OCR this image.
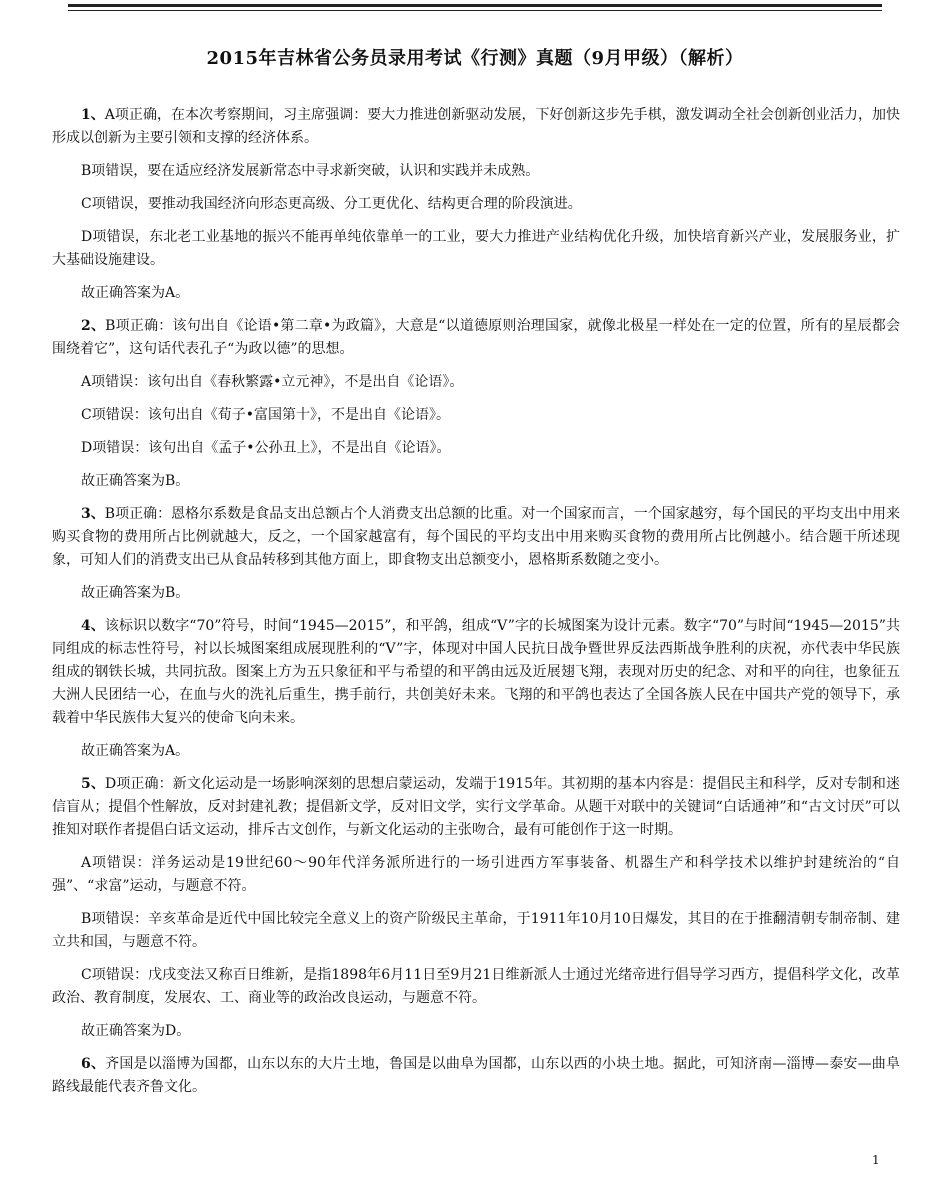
2015年吉林省公务员录用考试《行测》真题（9月甲级）（解析）

1、A项正确，在本次考察期间，习主席强调：要大力推进创新驱动发展，下好创新这步先手棋，激发调动全社会创新创业活力，加快形成以创新为主要引领和支撑的经济体系。

B项错误，要在适应经济发展新常态中寻求新突破，认识和实践并未成熟。

C项错误，要推动我国经济向形态更高级、分工更优化、结构更合理的阶段演进。

D项错误，东北老工业基地的振兴不能再单纯依靠单一的工业，要大力推进产业结构优化升级，加快培育新兴产业，发展服务业，扩大基础设施建设。

故正确答案为A。

2、B项正确：该句出自《论语•第二章•为政篇》，大意是“以道德原则治理国家，就像北极星一样处在一定的位置，所有的星辰都会围绕着它”，这句话代表孔子“为政以德”的思想。

A项错误：该句出自《春秋繁露•立元神》，不是出自《论语》。

C项错误：该句出自《荀子•富国第十》，不是出自《论语》。

D项错误：该句出自《孟子•公孙丑上》，不是出自《论语》。

故正确答案为B。

3、B项正确：恩格尔系数是食品支出总额占个人消费支出总额的比重。对一个国家而言，一个国家越穷，每个国民的平均支出中用来购买食物的费用所占比例就越大，反之，一个国家越富有，每个国民的平均支出中用来购买食物的费用所占比例越小。结合题干所述现象，可知人们的消费支出已从食品转移到其他方面上，即食物支出总额变小，恩格斯系数随之变小。

故正确答案为B。

4、该标识以数字“70”符号，时间“1945—2015”，和平鸽，组成“V”字的长城图案为设计元素。数字“70”与时间“1945—2015”共同组成的标志性符号，衬以长城图案组成展现胜利的“V”字，体现对中国人民抗日战争暨世界反法西斯战争胜利的庆祝，亦代表中华民族组成的钢铁长城，共同抗敌。图案上方为五只象征和平与希望的和平鸽由远及近展翅飞翔，表现对历史的纪念、对和平的向往，也象征五大洲人民团结一心，在血与火的洗礼后重生，携手前行，共创美好未来。飞翔的和平鸽也表达了全国各族人民在中国共产党的领导下，承载着中华民族伟大复兴的使命飞向未来。

故正确答案为A。

5、D项正确：新文化运动是一场影响深刻的思想启蒙运动，发端于1915年。其初期的基本内容是：提倡民主和科学，反对专制和迷信盲从；提倡个性解放，反对封建礼教；提倡新文学，反对旧文学，实行文学革命。从题干对联中的关键词“白话通神”和“古文讨厌”可以推知对联作者提倡白话文运动，排斥古文创作，与新文化运动的主张吻合，最有可能创作于这一时期。

A项错误：洋务运动是19世纪60～90年代洋务派所进行的一场引进西方军事装备、机器生产和科学技术以维护封建统治的“自强”、“求富”运动，与题意不符。

B项错误：辛亥革命是近代中国比较完全意义上的资产阶级民主革命，于1911年10月10日爆发，其目的在于推翻清朝专制帝制、建立共和国，与题意不符。

C项错误：戊戌变法又称百日维新，是指1898年6月11日至9月21日维新派人士通过光绪帝进行倡导学习西方，提倡科学文化，改革政治、教育制度，发展农、工、商业等的政治改良运动，与题意不符。

故正确答案为D。

6、齐国是以淄博为国都，山东以东的大片土地，鲁国是以曲阜为国都，山东以西的小块土地。据此，可知济南—淄博—泰安—曲阜路线最能代表齐鲁文化。

1
